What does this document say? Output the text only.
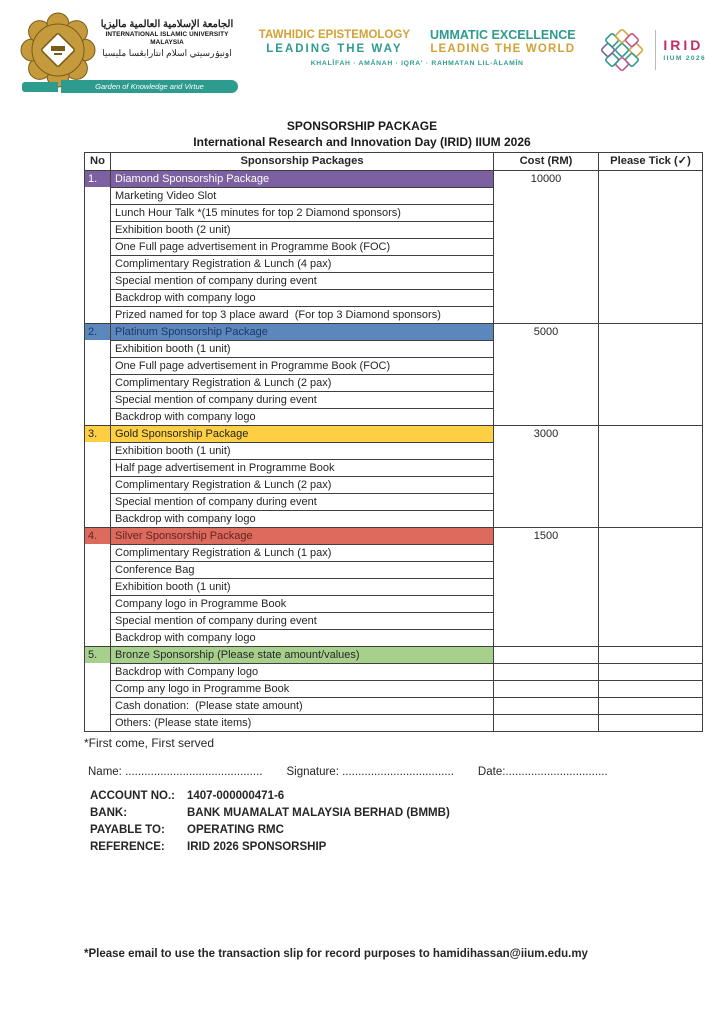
الجامعة الإسلامية العالمية ماليزيا
INTERNATIONAL ISLAMIC UNIVERSITY MALAYSIA
اونيۏرسيتي اسلام انتارابڠسا مليسيا
Garden of Knowledge and Virtue
TAWHIDIC EPISTEMOLOGY
LEADING THE WAY
UMMATIC EXCELLENCE
LEADING THE WORLD
KHALĪFAH · AMĀNAH · IQRA' · RAHMATAN LIL-ĀLAMĪN
IRID
IIUM 2026
SPONSORSHIP PACKAGE
International Research and Innovation Day (IRID) IIUM 2026
No	Sponsorship Packages	Cost (RM)	Please Tick (✓)

1.	Diamond Sponsorship Package	10000	
	Marketing Video Slot		
	Lunch Hour Talk *(15 minutes for top 2 Diamond sponsors)		
	Exhibition booth (2 unit)		
	One Full page advertisement in Programme Book (FOC)		
	Complimentary Registration & Lunch (4 pax)		
	Special mention of company during event		
	Backdrop with company logo		
	Prized named for top 3 place award  (For top 3 Diamond sponsors)		

2.	Platinum Sponsorship Package	5000	
	Exhibition booth (1 unit)		
	One Full page advertisement in Programme Book (FOC)		
	Complimentary Registration & Lunch (2 pax)		
	Special mention of company during event		
	Backdrop with company logo		

3.	Gold Sponsorship Package	3000	
	Exhibition booth (1 unit)		
	Half page advertisement in Programme Book		
	Complimentary Registration & Lunch (2 pax)		
	Special mention of company during event		
	Backdrop with company logo		

4.	Silver Sponsorship Package	1500	
	Complimentary Registration & Lunch (1 pax)		
	Conference Bag		
	Exhibition booth (1 unit)		
	Company logo in Programme Book		
	Special mention of company during event		
	Backdrop with company logo		

5.	Bronze Sponsorship (Please state amount/values)		
	Backdrop with Company logo		
	Comp any logo in Programme Book		
	Cash donation:  (Please state amount)		
	Others: (Please state items)		
*First come, First served
Name: ........................................... Signature: ................................... Date:................................
ACCOUNT NO.:	1407-000000471-6
BANK:	BANK MUAMALAT MALAYSIA BERHAD (BMMB)
PAYABLE TO:	OPERATING RMC
REFERENCE:	IRID 2026 SPONSORSHIP
*Please email to use the transaction slip for record purposes to hamidihassan@iium.edu.my
